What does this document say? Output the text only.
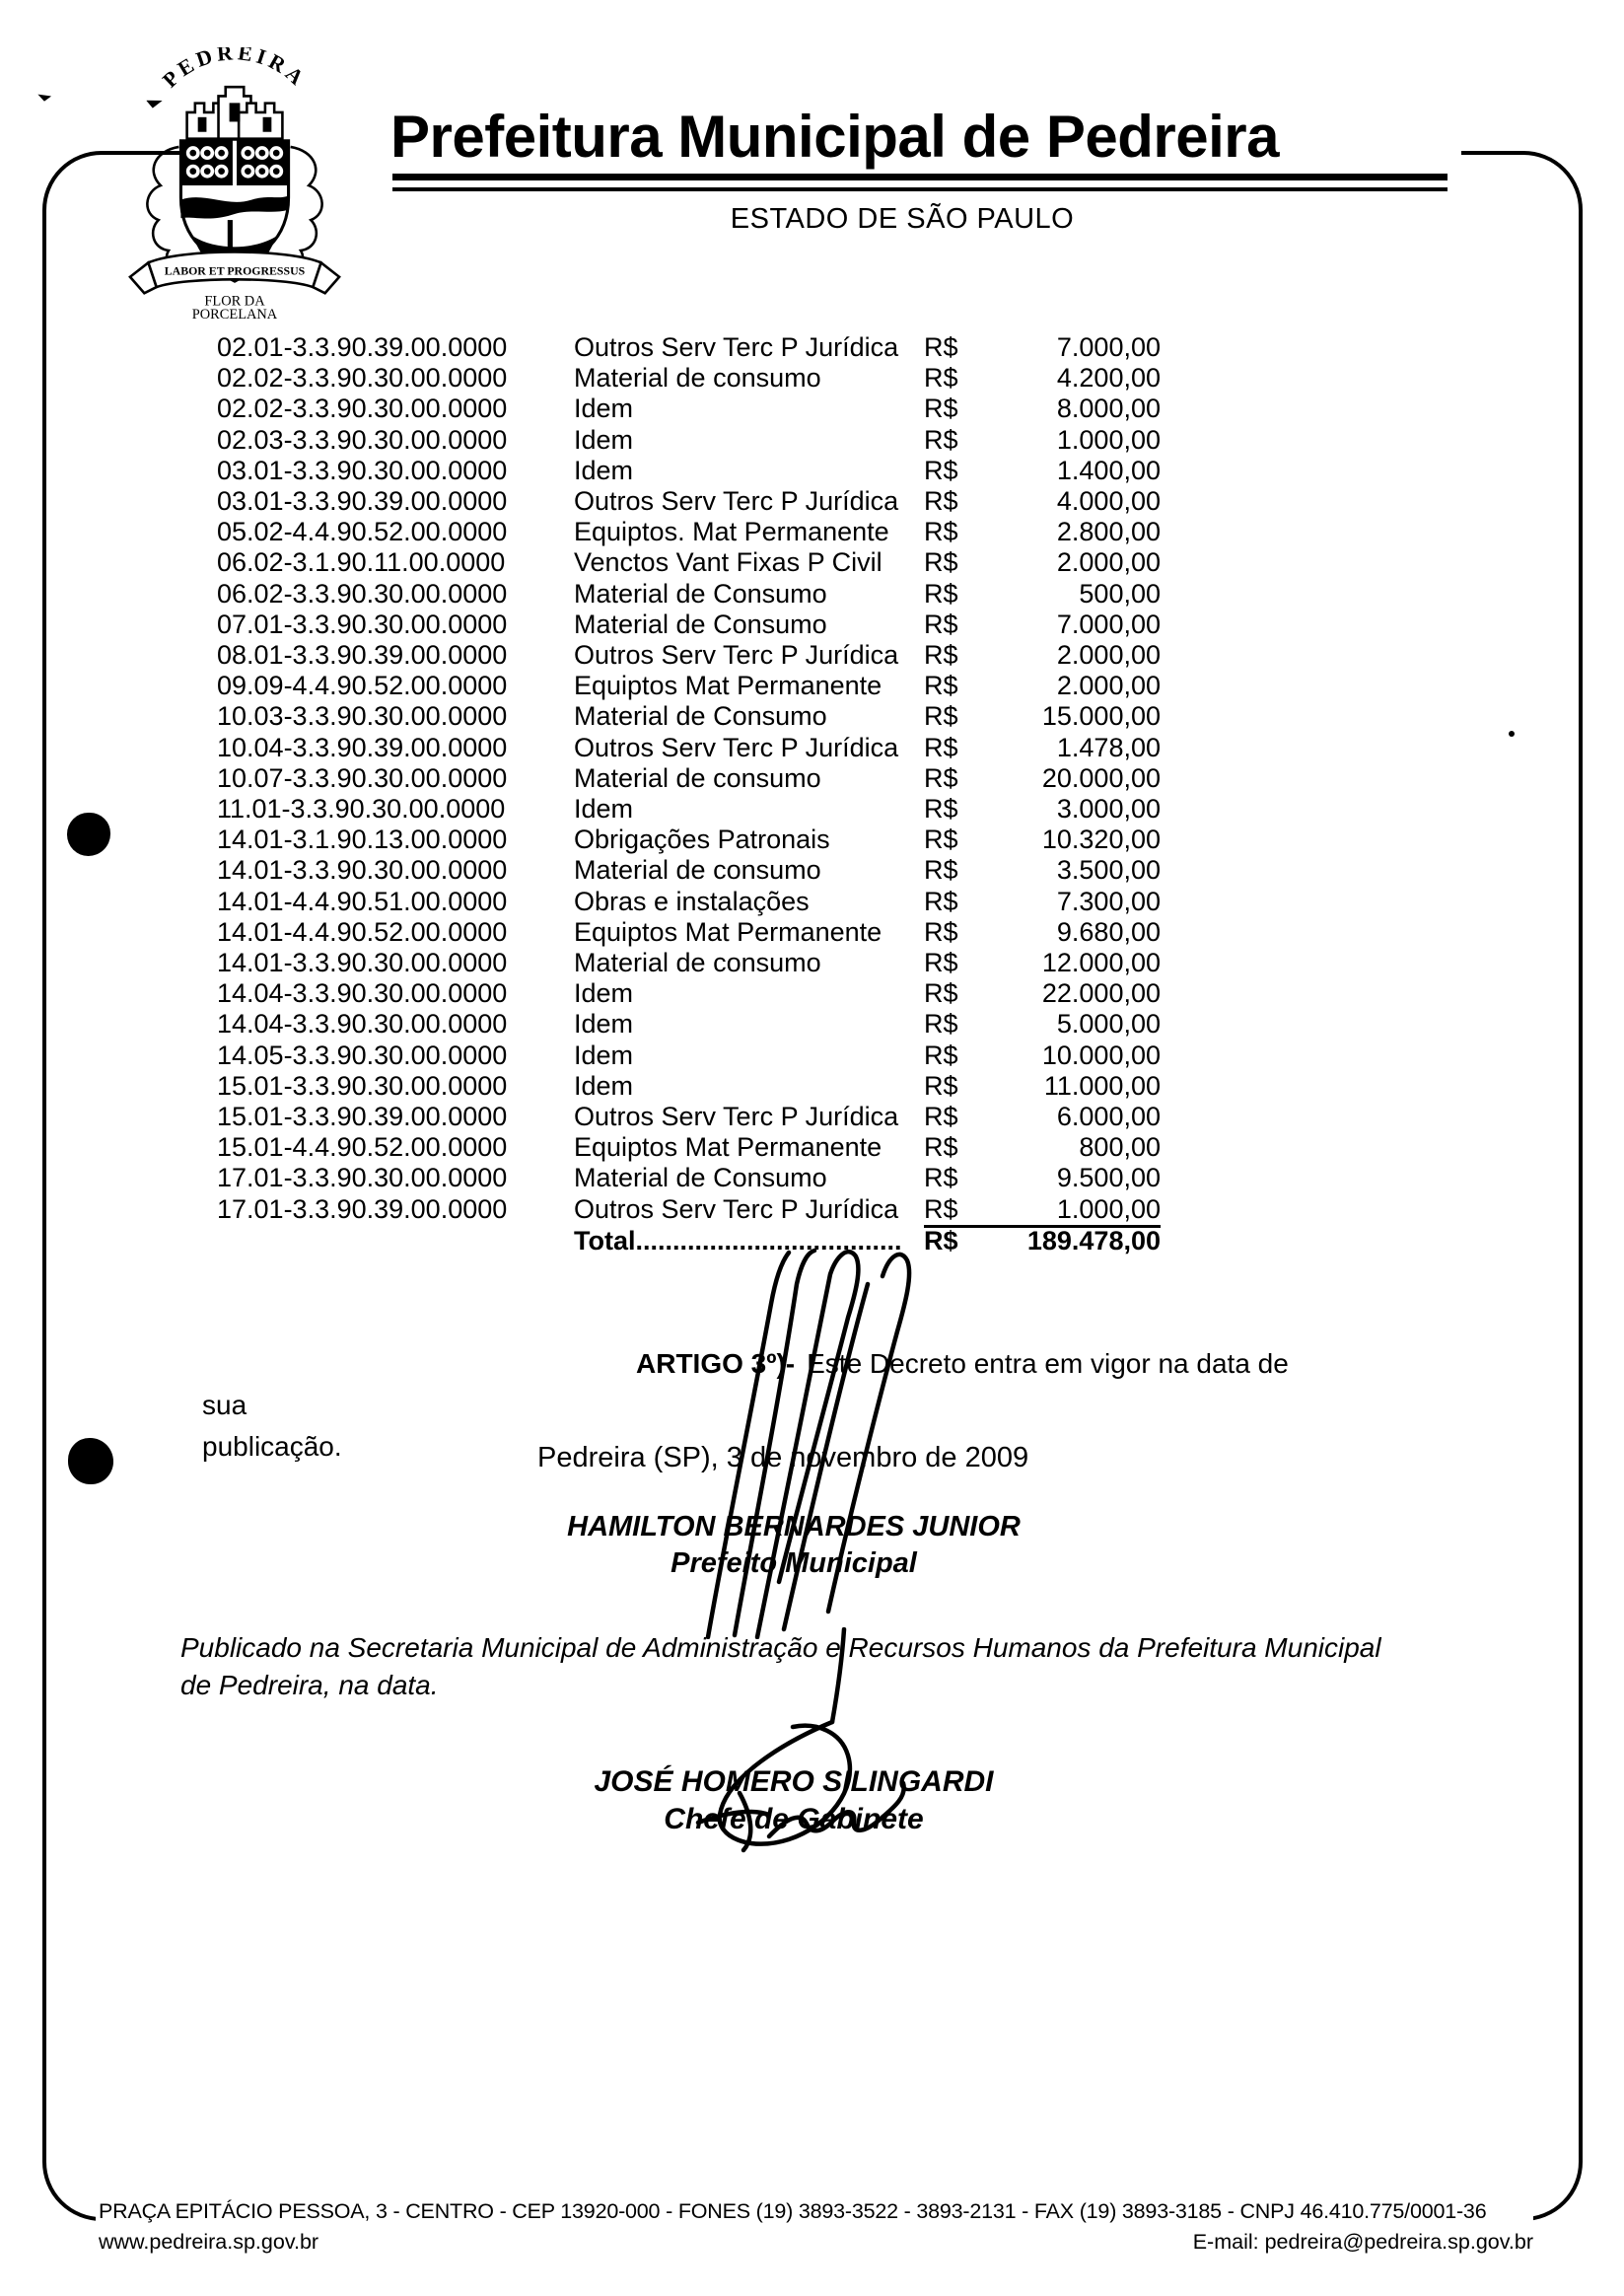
PEDREIRA
LABOR ET PROGRESSUS
FLOR DA
PORCELANA
Prefeitura Municipal de Pedreira
ESTADO DE SÃO PAULO
02.01-3.3.90.39.00.0000	Outros Serv Terc P Jurídica R$	7.000,00
02.02-3.3.90.30.00.0000	Material de consumo	R$	4.200,00
02.02-3.3.90.30.00.0000	Idem	R$	8.000,00
02.03-3.3.90.30.00.0000	Idem	R$	1.000,00
03.01-3.3.90.30.00.0000	Idem	R$	1.400,00
03.01-3.3.90.39.00.0000	Outros Serv Terc P Jurídica R$	4.000,00
05.02-4.4.90.52.00.0000	Equiptos. Mat Permanente	R$	2.800,00
06.02-3.1.90.11.00.0000	Venctos Vant Fixas P Civil	R$	2.000,00
06.02-3.3.90.30.00.0000	Material de Consumo	R$	500,00
07.01-3.3.90.30.00.0000	Material de Consumo	R$	7.000,00
08.01-3.3.90.39.00.0000	Outros Serv Terc P Jurídica R$	2.000,00
09.09-4.4.90.52.00.0000	Equiptos Mat Permanente	R$	2.000,00
10.03-3.3.90.30.00.0000	Material de Consumo	R$	15.000,00
10.04-3.3.90.39.00.0000	Outros Serv Terc P Jurídica R$	1.478,00
10.07-3.3.90.30.00.0000	Material de consumo	R$	20.000,00
11.01-3.3.90.30.00.0000	Idem	R$	3.000,00
14.01-3.1.90.13.00.0000	Obrigações Patronais	R$	10.320,00
14.01-3.3.90.30.00.0000	Material de consumo	R$	3.500,00
14.01-4.4.90.51.00.0000	Obras e instalações	R$	7.300,00
14.01-4.4.90.52.00.0000	Equiptos Mat Permanente	R$	9.680,00
14.01-3.3.90.30.00.0000	Material de consumo	R$	12.000,00
14.04-3.3.90.30.00.0000	Idem	R$	22.000,00
14.04-3.3.90.30.00.0000	Idem	R$	5.000,00
14.05-3.3.90.30.00.0000	Idem	R$	10.000,00
15.01-3.3.90.30.00.0000	Idem	R$	11.000,00
15.01-3.3.90.39.00.0000	Outros Serv Terc P Jurídica R$	6.000,00
15.01-4.4.90.52.00.0000	Equiptos Mat Permanente	R$	800,00
17.01-3.3.90.30.00.0000	Material de Consumo	R$	9.500,00
17.01-3.3.90.39.00.0000	Outros Serv Terc P Jurídica R$	1.000,00
Total.................................... R$	189.478,00
ARTIGO 3º)- Este Decreto entra em vigor na data de sua
publicação.	Pedreira (SP), 3 de novembro de 2009
HAMILTON BERNARDES JUNIOR
Prefeito Municipal
Publicado na Secretaria Municipal de Administração e Recursos Humanos da Prefeitura Municipal
de Pedreira, na data.
JOSÉ HOMERO SILINGARDI
Chefe de Gabinete
PRAÇA EPITÁCIO PESSOA, 3 - CENTRO - CEP 13920-000 - FONES (19) 3893-3522 - 3893-2131 - FAX (19) 3893-3185 - CNPJ 46.410.775/0001-36
www.pedreira.sp.gov.br	E-mail: pedreira@pedreira.sp.gov.br
